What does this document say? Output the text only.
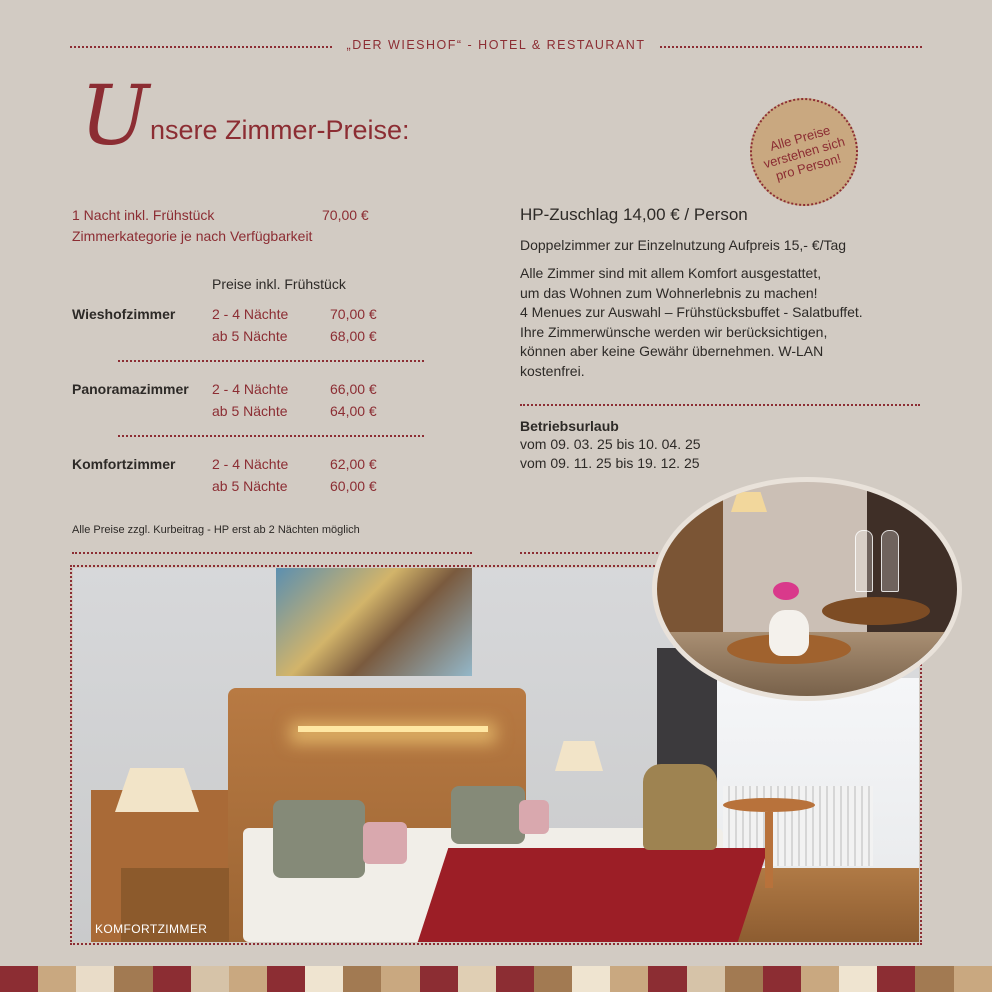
„DER WIESHOF“ - HOTEL & RESTAURANT
U nsere Zimmer-Preise:	Alle Preise verstehen sich pro Person!
1 Nacht inkl. Frühstück	70,00 €
Zimmerkategorie je nach Verfügbarkeit
Preise inkl. Frühstück
Wieshofzimmer	2 - 4 Nächte	70,00 €
ab 5 Nächte	68,00 €
Panoramazimmer 2 - 4 Nächte	66,00 €
ab 5 Nächte	64,00 €
Komfortzimmer	2 - 4 Nächte	62,00 €
ab 5 Nächte	60,00 €
Alle Preise zzgl. Kurbeitrag - HP erst ab 2 Nächten möglich
HP-Zuschlag 14,00 € / Person
Doppelzimmer zur Einzelnutzung Aufpreis 15,- €/Tag
Alle Zimmer sind mit allem Komfort ausgestattet,
um das Wohnen zum Wohnerlebnis zu machen!
4 Menues zur Auswahl – Frühstücksbuffet - Salatbuffet.
Ihre Zimmerwünsche werden wir berücksichtigen,
können aber keine Gewähr übernehmen. W-LAN
kostenfrei.
Betriebsurlaub
vom 09. 03. 25 bis 10. 04. 25
vom 09. 11. 25 bis 19. 12. 25
KOMFORTZIMMER
